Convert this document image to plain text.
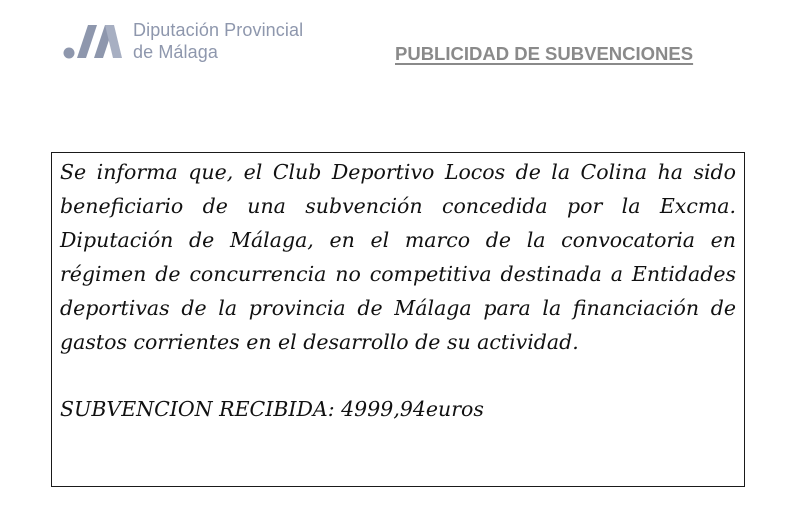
Diputación Provincial
de Málaga	PUBLICIDAD DE SUBVENCIONES

Se informa que, el Club Deportivo Locos de la Colina ha sido beneficiario de una subvención concedida por la Excma. Diputación de Málaga, en el marco de la convocatoria en régimen de concurrencia no competitiva destinada a Entidades deportivas de la provincia de Málaga para la financiación de gastos corrientes en el desarrollo de su actividad.

SUBVENCION RECIBIDA: 4999,94euros
